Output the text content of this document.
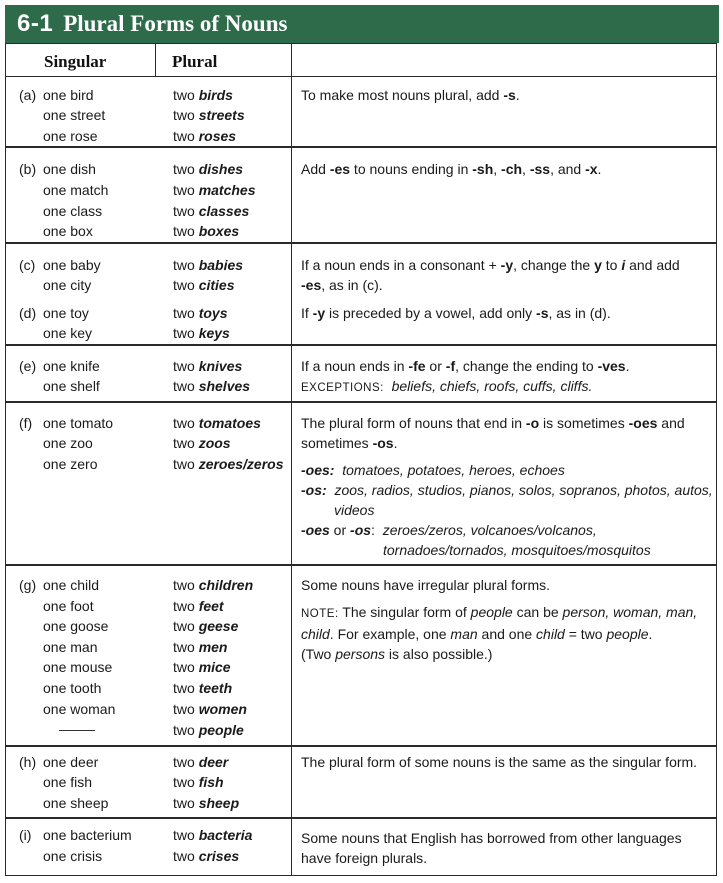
6-1 Plural Forms of Nouns
Singular	Plural
(a) one bird
one street
one rose
two birds
two streets
two roses
To make most nouns plural, add -s.
(b) one dish
one match
one class
one box
two dishes
two matches
two classes
two boxes
Add -es to nouns ending in -sh, -ch, -ss, and -x.
(c) one baby
one city
two babies
two cities
If a noun ends in a consonant + -y, change the y to i and add
-es, as in (c).
(d) one toy
one key
two toys
two keys
If -y is preceded by a vowel, add only -s, as in (d).
(e) one knife
one shelf
two knives
two shelves
If a noun ends in -fe or -f, change the ending to -ves.
EXCEPTIONS: beliefs, chiefs, roofs, cuffs, cliffs.
(f) one tomato
one zoo
one zero
two tomatoes
two zoos
two zeroes/zeros
The plural form of nouns that end in -o is sometimes -oes and
sometimes -os.
-oes: tomatoes, potatoes, heroes, echoes
-os: zoos, radios, studios, pianos, solos, sopranos, photos, autos,
videos
-oes or -os: zeroes/zeros, volcanoes/volcanos,
tornadoes/tornados, mosquitoes/mosquitos
(g) one child
one foot
one goose
one man
one mouse
one tooth
one woman
two children
two feet
two geese
two men
two mice
two teeth
two women
two people
Some nouns have irregular plural forms.
NOTE: The singular form of people can be person, woman, man,
child. For example, one man and one child = two people.
(Two persons is also possible.)
(h) one deer
one fish
one sheep
two deer
two fish
two sheep
The plural form of some nouns is the same as the singular form.
(i) one bacterium
one crisis
two bacteria
two crises
Some nouns that English has borrowed from other languages
have foreign plurals.
